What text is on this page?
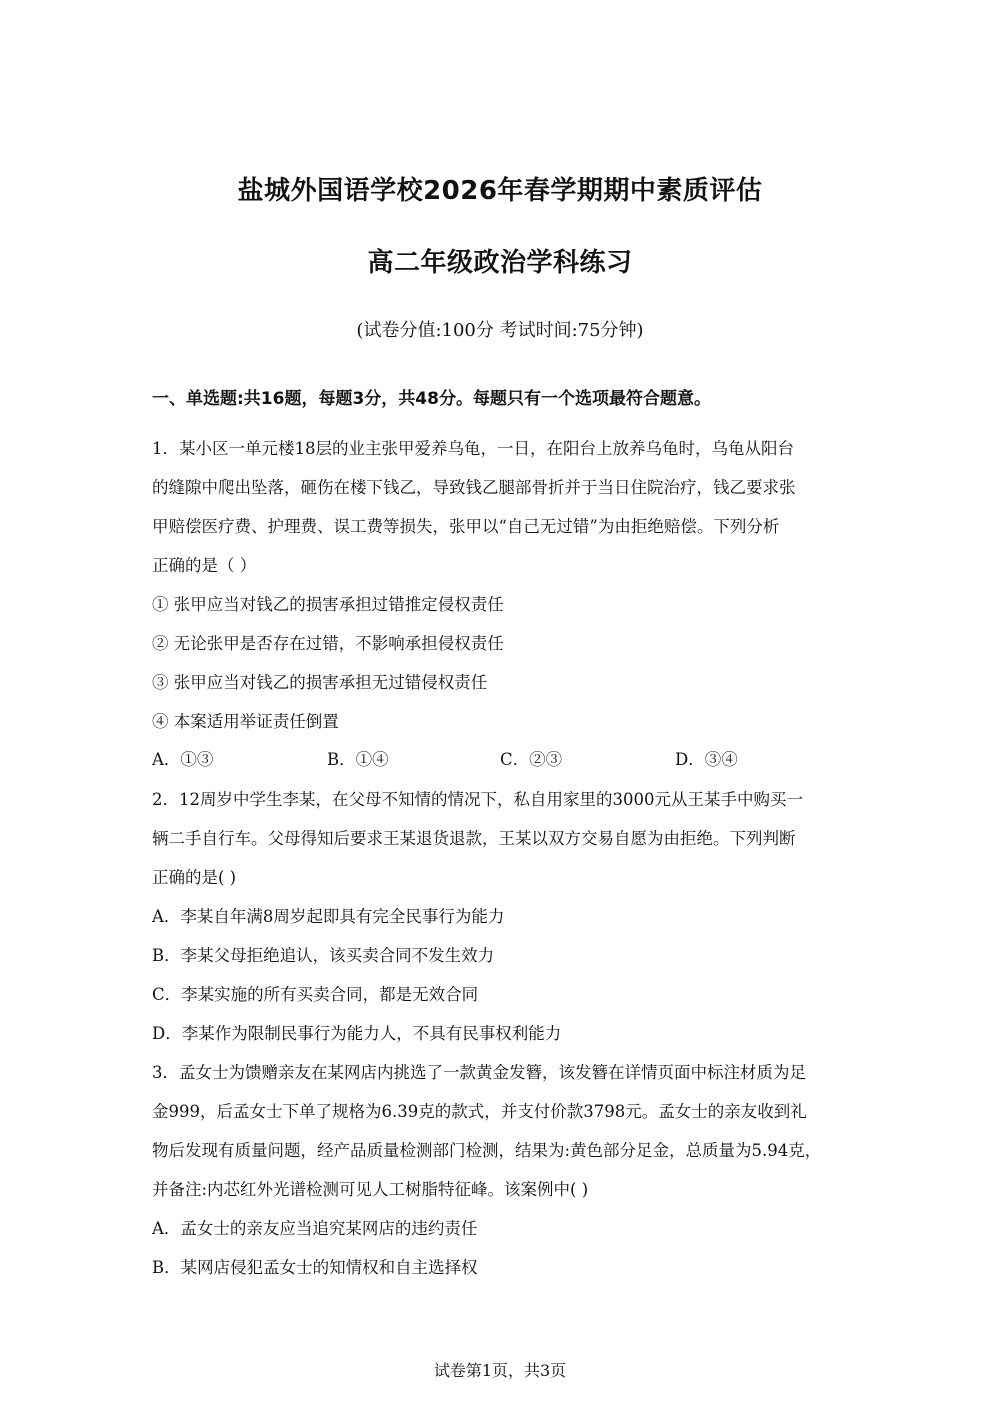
盐城外国语学校2026年春学期期中素质评估
高二年级政治学科练习
(试卷分值:100分 考试时间:75分钟)
一、单选题:共16题，每题3分，共48分。每题只有一个选项最符合题意。
1．某小区一单元楼18层的业主张甲爱养乌龟，一日，在阳台上放养乌龟时，乌龟从阳台
的缝隙中爬出坠落，砸伤在楼下钱乙，导致钱乙腿部骨折并于当日住院治疗，钱乙要求张
甲赔偿医疗费、护理费、误工费等损失，张甲以“自己无过错”为由拒绝赔偿。下列分析
正确的是（ ）
① 张甲应当对钱乙的损害承担过错推定侵权责任
② 无论张甲是否存在过错，不影响承担侵权责任
③ 张甲应当对钱乙的损害承担无过错侵权责任
④ 本案适用举证责任倒置
A．①③	B．①④	C．②③	D．③④
2．12周岁中学生李某，在父母不知情的情况下，私自用家里的3000元从王某手中购买一
辆二手自行车。父母得知后要求王某退货退款，王某以双方交易自愿为由拒绝。下列判断
正确的是( )
A．李某自年满8周岁起即具有完全民事行为能力
B．李某父母拒绝追认，该买卖合同不发生效力
C．李某实施的所有买卖合同，都是无效合同
D．李某作为限制民事行为能力人，不具有民事权利能力
3．孟女士为馈赠亲友在某网店内挑选了一款黄金发簪，该发簪在详情页面中标注材质为足
金999，后孟女士下单了规格为6.39克的款式，并支付价款3798元。孟女士的亲友收到礼
物后发现有质量问题，经产品质量检测部门检测，结果为:黄色部分足金，总质量为5.94克，
并备注:内芯红外光谱检测可见人工树脂特征峰。该案例中( )
A．孟女士的亲友应当追究某网店的违约责任
B．某网店侵犯孟女士的知情权和自主选择权
试卷第1页，共3页
